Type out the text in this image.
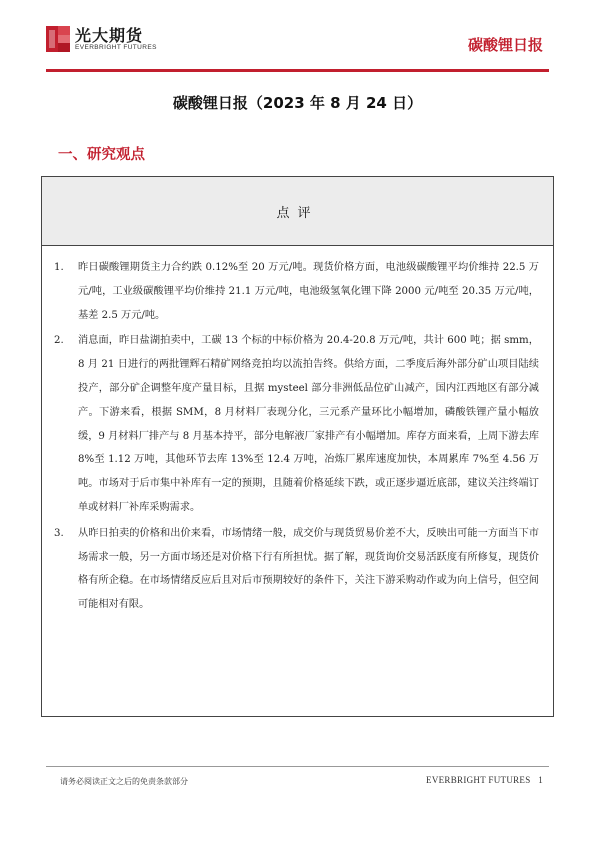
光大期货
EVERBRIGHT FUTURES	碳酸锂日报
碳酸锂日报（2023 年 8 月 24 日）
一、研究观点
点评
1.	昨日碳酸锂期货主力合约跌 0.12%至 20 万元/吨。现货价格方面，电池级碳酸锂平均价维持 22.5 万元/吨，工业级碳酸锂平均价维持 21.1 万元/吨，电池级氢氧化锂下降 2000 元/吨至 20.35 万元/吨，基差 2.5 万元/吨。
2.	消息面，昨日盐湖拍卖中，工碳 13 个标的中标价格为 20.4-20.8 万元/吨，共计 600 吨；据 smm，8 月 21 日进行的两批锂辉石精矿网络竞拍均以流拍告终。供给方面，二季度后海外部分矿山项目陆续投产，部分矿企调整年度产量目标，且据 mysteel 部分非洲低品位矿山减产，国内江西地区有部分减产。下游来看，根据 SMM，8 月材料厂表现分化，三元系产量环比小幅增加，磷酸铁锂产量小幅放缓，9 月材料厂排产与 8 月基本持平，部分电解液厂家排产有小幅增加。库存方面来看，上周下游去库 8%至 1.12 万吨，其他环节去库 13%至 12.4 万吨，冶炼厂累库速度加快，本周累库 7%至 4.56 万吨。市场对于后市集中补库有一定的预期，且随着价格延续下跌，或正逐步逼近底部，建议关注终端订单或材料厂补库采购需求。
3.	从昨日拍卖的价格和出价来看，市场情绪一般，成交价与现货贸易价差不大，反映出可能一方面当下市场需求一般，另一方面市场还是对价格下行有所担忧。据了解，现货询价交易活跃度有所修复，现货价格有所企稳。在市场情绪反应后且对后市预期较好的条件下，关注下游采购动作或为向上信号，但空间可能相对有限。
请务必阅读正文之后的免责条款部分	EVERBRIGHT FUTURES 1
